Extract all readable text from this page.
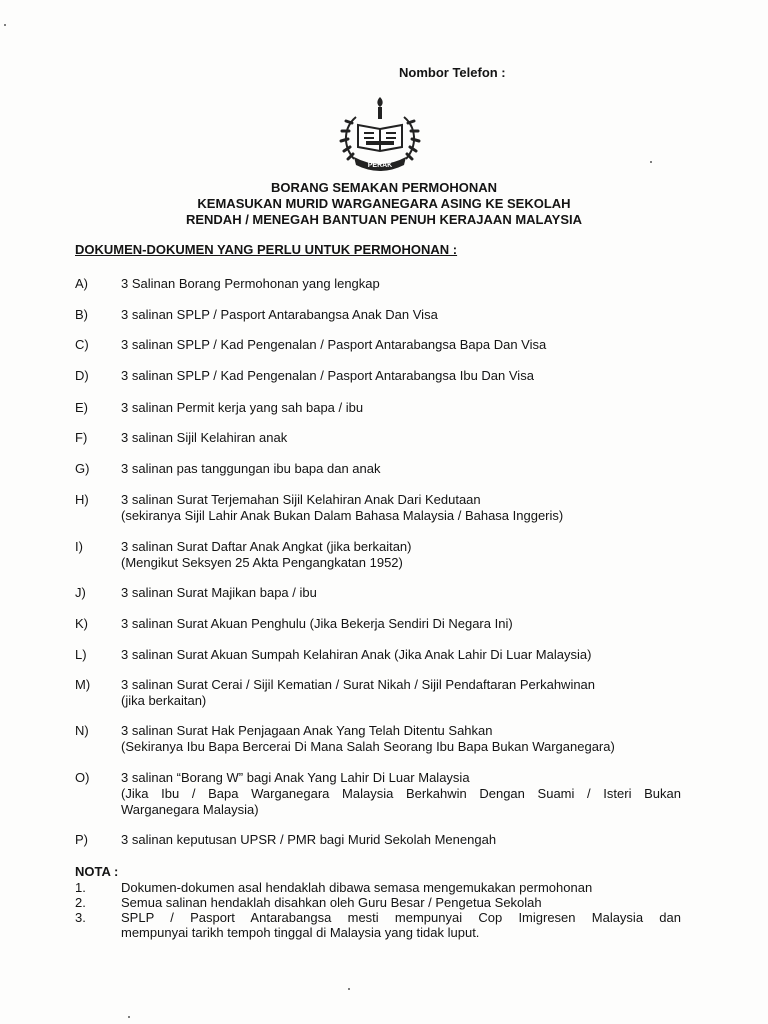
Nombor Telefon :
PERAK
BORANG SEMAKAN PERMOHONAN
KEMASUKAN MURID WARGANEGARA ASING KE SEKOLAH
RENDAH / MENEGAH BANTUAN PENUH KERAJAAN MALAYSIA
DOKUMEN-DOKUMEN YANG PERLU UNTUK PERMOHONAN :
A)	3 Salinan Borang Permohonan yang lengkap
B)	3 salinan SPLP / Pasport Antarabangsa Anak Dan Visa
C) 3 salinan SPLP / Kad Pengenalan / Pasport Antarabangsa Bapa Dan Visa
D) 3 salinan SPLP / Kad Pengenalan / Pasport Antarabangsa Ibu Dan Visa
E)	3 salinan Permit kerja yang sah bapa / ibu
F)	3 salinan Sijil Kelahiran anak
G) 3 salinan pas tanggungan ibu bapa dan anak
H) 3 salinan Surat Terjemahan Sijil Kelahiran Anak Dari Kedutaan
(sekiranya Sijil Lahir Anak Bukan Dalam Bahasa Malaysia / Bahasa Inggeris)
I)	3 salinan Surat Daftar Anak Angkat (jika berkaitan)
(Mengikut Seksyen 25 Akta Pengangkatan 1952)
J)	3 salinan Surat Majikan bapa / ibu
K)	3 salinan Surat Akuan Penghulu (Jika Bekerja Sendiri Di Negara Ini)
L)	3 salinan Surat Akuan Sumpah Kelahiran Anak (Jika Anak Lahir Di Luar Malaysia)
M) 3 salinan Surat Cerai / Sijil Kematian / Surat Nikah / Sijil Pendaftaran Perkahwinan
(jika berkaitan)
N) 3 salinan Surat Hak Penjagaan Anak Yang Telah Ditentu Sahkan
(Sekiranya Ibu Bapa Bercerai Di Mana Salah Seorang Ibu Bapa Bukan Warganegara)
O) 3 salinan “Borang W” bagi Anak Yang Lahir Di Luar Malaysia
(Jika Ibu / Bapa Warganegara Malaysia Berkahwin Dengan Suami / Isteri Bukan
Warganegara Malaysia)
P)	3 salinan keputusan UPSR / PMR bagi Murid Sekolah Menengah
NOTA :
1.	Dokumen-dokumen asal hendaklah dibawa semasa mengemukakan permohonan
2.	Semua salinan hendaklah disahkan oleh Guru Besar / Pengetua Sekolah
3.	SPLP / Pasport Antarabangsa mesti mempunyai Cop Imigresen Malaysia dan
mempunyai tarikh tempoh tinggal di Malaysia yang tidak luput.
